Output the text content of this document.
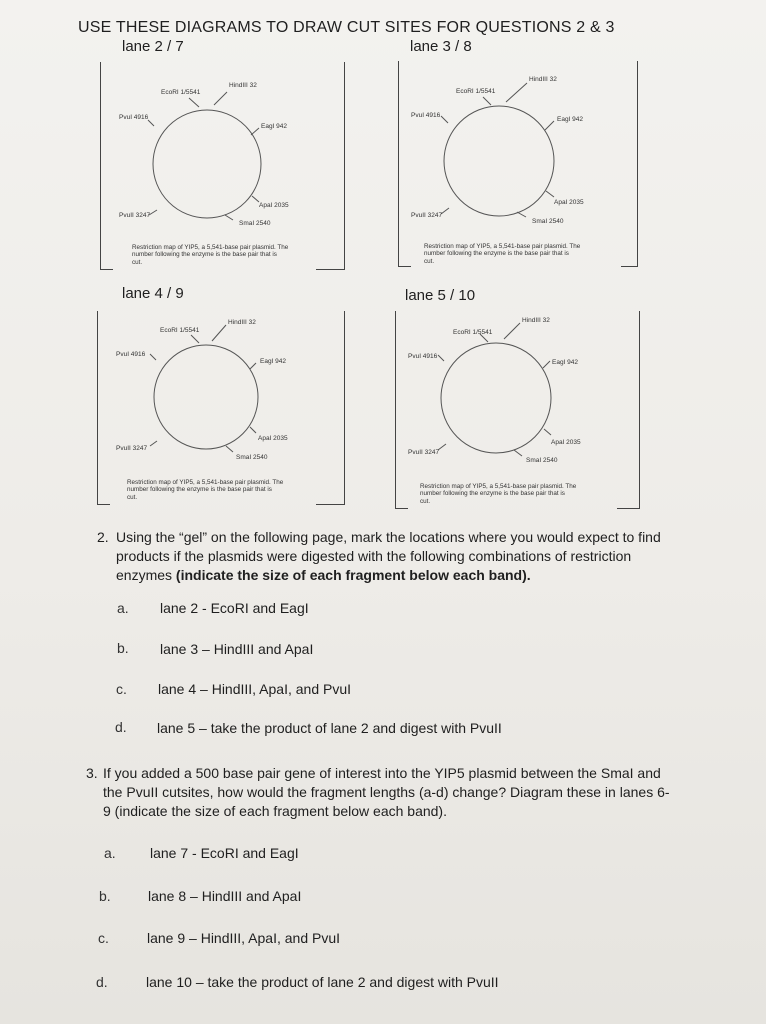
USE THESE DIAGRAMS TO DRAW CUT SITES FOR QUESTIONS 2 & 3
lane 2 / 7	lane 3 / 8
lane 4 / 9	lane 5 / 10
HindIII 32
EcoRI 1/5541
PvuI 4916
EagI 942
ApaI 2035
PvuII 3247
SmaI 2540
Restriction map of YIP5, a 5,541-base pair plasmid. The
number following the enzyme is the base pair that is
cut.
HindIII 32
EcoRI 1/5541
PvuI 4916
EagI 942
ApaI 2035
PvuII 3247
SmaI 2540
Restriction map of YIP5, a 5,541-base pair plasmid. The
number following the enzyme is the base pair that is
cut.
HindIII 32
EcoRI 1/5541
PvuI 4916
EagI 942
ApaI 2035
PvuII 3247
SmaI 2540
Restriction map of YIP5, a 5,541-base pair plasmid. The
number following the enzyme is the base pair that is
cut.
HindIII 32
EcoRI 1/5541
PvuI 4916
EagI 942
ApaI 2035
PvuII 3247
SmaI 2540
Restriction map of YIP5, a 5,541-base pair plasmid. The
number following the enzyme is the base pair that is
cut.
2. Using the “gel” on the following page, mark the locations where you would expect to find products if the plasmids were digested with the following combinations of restriction enzymes (indicate the size of each fragment below each band).
a. lane 2 - EcoRI and EagI
b. lane 3 – HindIII and ApaI
c. lane 4 – HindIII, ApaI, and PvuI
d. lane 5 – take the product of lane 2 and digest with PvuII
3. If you added a 500 base pair gene of interest into the YIP5 plasmid between the SmaI and the PvuII cutsites, how would the fragment lengths (a-d) change? Diagram these in lanes 6-9 (indicate the size of each fragment below each band).
a. lane 7 - EcoRI and EagI
b.	lane 8 – HindIII and ApaI
c.	lane 9 – HindIII, ApaI, and PvuI
d.	lane 10 – take the product of lane 2 and digest with PvuII
